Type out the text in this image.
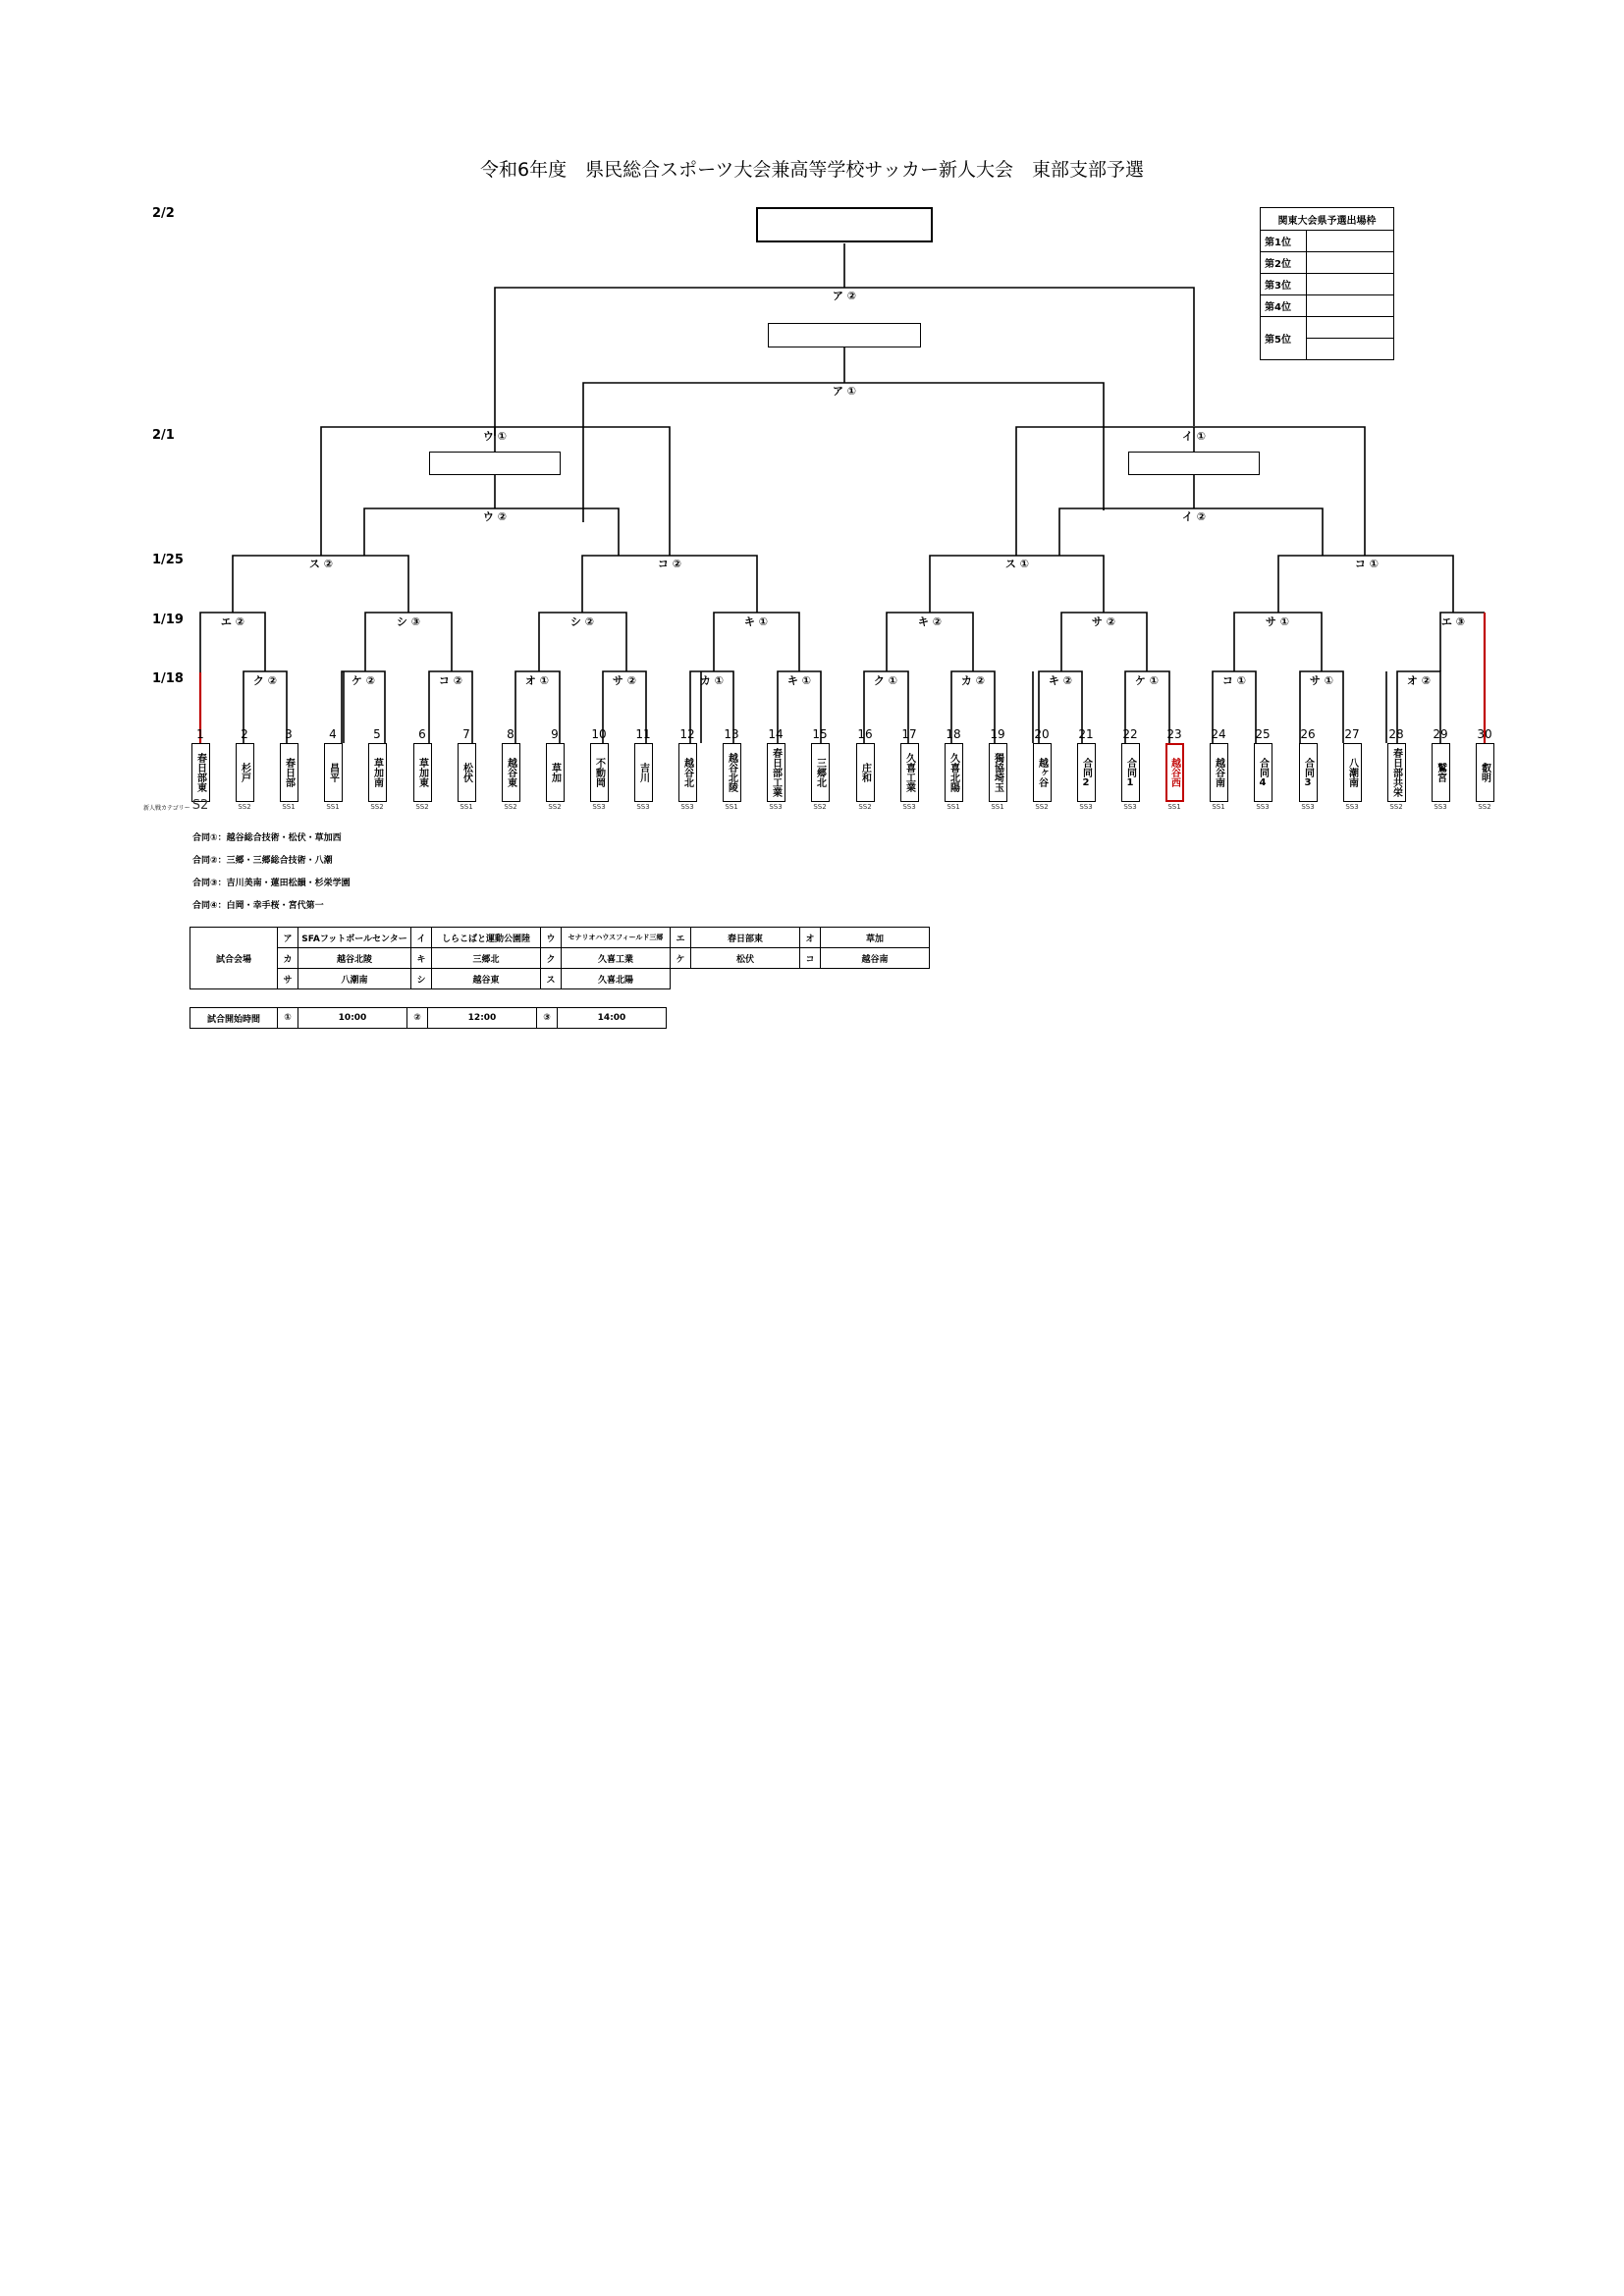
令和6年度　県民総合スポーツ大会兼高等学校サッカー新人大会　東部支部予選
2/2
2/1
1/25
1/19
1/18
関東大会県予選出場枠	
第1位	
第2位	
第3位	
第4位	
第5位	

ア ②
ア ①
ウ ①
ウ ②
イ ①
イ ②
ス ②	コ ②	ス ①	コ ①
エ ②	シ ③	シ ②	キ ①	キ ②	サ ②	サ ①	エ ③
ク ②	ケ ②	コ ②	オ ①	サ ②	カ ①	キ ①	ク ①	カ ②	キ ②	ケ ①	コ ①	サ ①	オ ②
1
春日部東
S2
2
杉戸
SS2
3
春日部
SS1
4
昌平
SS1
5
草加南
SS2
6
草加東
SS2
7
松伏
SS1
8
越谷東
SS2
9
草加
SS2
10
不動岡
SS3
11
吉川
SS3
12
越谷北
SS3
13
越谷北陵
SS1
14
春日部工業
SS3
15
三郷北
SS2
16
庄和
SS2
17
久喜工業
SS3
18
久喜北陽
SS1
19
獨協埼玉
SS1
20
越ヶ谷
SS2
21
合同2
SS3
22
合同1
SS3
23
越谷西
SS1
24
越谷南
SS1
25
合同4
SS3
26
合同3
SS3
27
八潮南
SS3
28
春日部共栄
SS2
29
鷲宮
SS3
30
叡明
SS2
新人戦カテゴリー
合同①：越谷総合技術・松伏・草加西
合同②：三郷・三郷総合技術・八潮
合同③：吉川美南・蓮田松韻・杉栄学園
合同④：白岡・幸手桜・宮代第一
試合会場	ア	SFAフットボールセンター	イ	しらこばと運動公園陸	ウ	セナリオハウスフィールド三郷	エ	春日部東	オ	草加
	カ	越谷北陵	キ	三郷北	ク	久喜工業	ケ	松伏	コ	越谷南
	サ	八潮南	シ	越谷東	ス	久喜北陽				
試合開始時間	①	10:00	②	12:00	③	14:00
